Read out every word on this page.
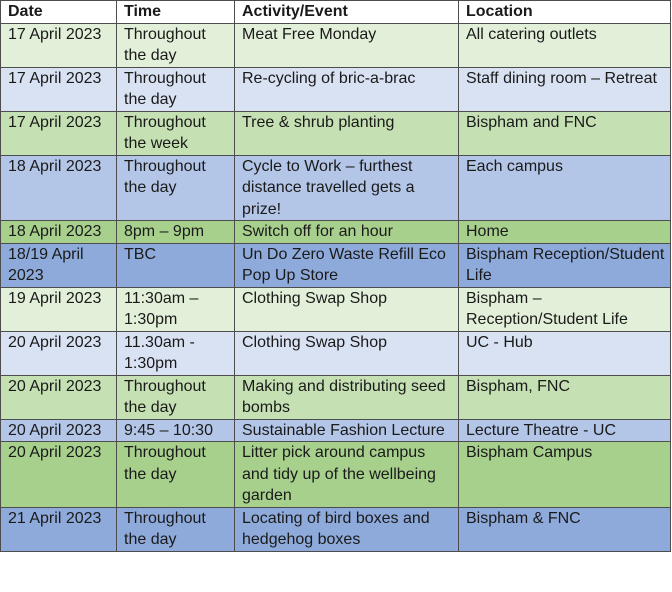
Date	Time	Activity/Event	Location
17 April 2023	Throughout the day	Meat Free Monday	All catering outlets
17 April 2023	Throughout the day	Re-cycling of bric-a-brac	Staff dining room – Retreat
17 April 2023	Throughout the week	Tree & shrub planting	Bispham and FNC
18 April 2023	Throughout the day	Cycle to Work – furthest distance travelled gets a prize!	Each campus
18 April 2023	8pm – 9pm	Switch off for an hour	Home
18/19 April 2023	TBC	Un Do Zero Waste Refill Eco Pop Up Store	Bispham Reception/Student Life
19 April 2023	11:30am – 1:30pm	Clothing Swap Shop	Bispham – Reception/Student Life
20 April 2023	11.30am - 1:30pm	Clothing Swap Shop	UC - Hub
20 April 2023	Throughout the day	Making and distributing seed bombs	Bispham, FNC
20 April 2023	9:45 – 10:30	Sustainable Fashion Lecture	Lecture Theatre - UC
20 April 2023	Throughout the day	Litter pick around campus and tidy up of the wellbeing garden	Bispham Campus
21 April 2023	Throughout the day	Locating of bird boxes and hedgehog boxes	Bispham & FNC
